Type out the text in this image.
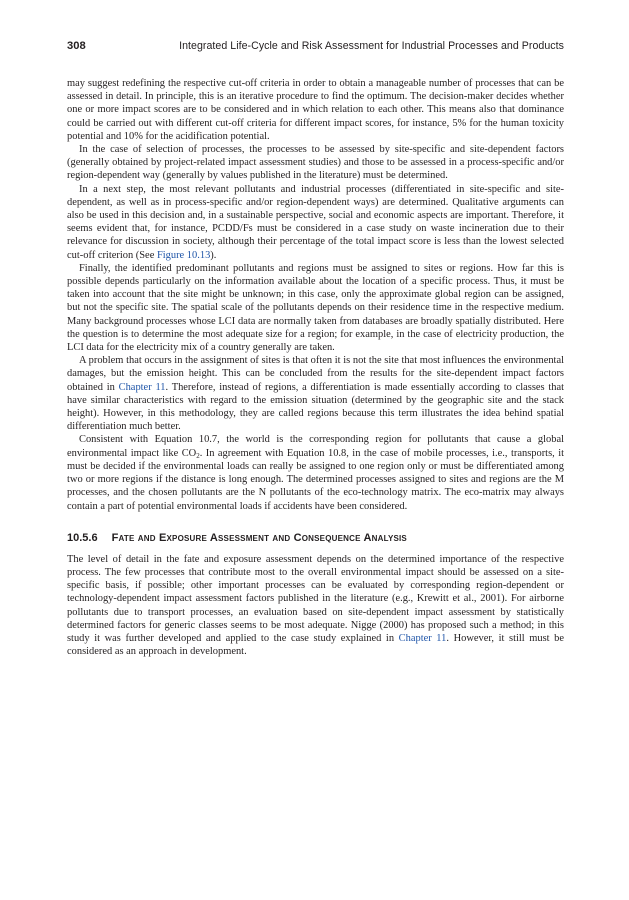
308	Integrated Life-Cycle and Risk Assessment for Industrial Processes and Products

may suggest redefining the respective cut-off criteria in order to obtain a manageable number of processes that can be assessed in detail. In principle, this is an iterative procedure to find the optimum. The decision-maker decides whether one or more impact scores are to be considered and in which relation to each other. This means also that dominance could be carried out with different cut-off criteria for different impact scores, for instance, 5% for the human toxicity potential and 10% for the acidification potential.

In the case of selection of processes, the processes to be assessed by site-specific and site-dependent factors (generally obtained by project-related impact assessment studies) and those to be assessed in a process-specific and/or region-dependent way (generally by values published in the literature) must be determined.

In a next step, the most relevant pollutants and industrial processes (differentiated in site-specific and site-dependent, as well as in process-specific and/or region-dependent ways) are determined. Qualitative arguments can also be used in this decision and, in a sustainable perspective, social and economic aspects are important. Therefore, it seems evident that, for instance, PCDD/Fs must be considered in a case study on waste incineration due to their relevance for discussion in society, although their percentage of the total impact score is less than the lowest selected cut-off criterion (See Figure 10.13).

Finally, the identified predominant pollutants and regions must be assigned to sites or regions. How far this is possible depends particularly on the information available about the location of a specific process. Thus, it must be taken into account that the site might be unknown; in this case, only the approximate global region can be assigned, but not the specific site. The spatial scale of the pollutants depends on their residence time in the respective medium. Many background processes whose LCI data are normally taken from databases are broadly spatially distributed. Here the question is to determine the most adequate size for a region; for example, in the case of electricity production, the LCI data for the electricity mix of a country generally are taken.

A problem that occurs in the assignment of sites is that often it is not the site that most influences the environmental damages, but the emission height. This can be concluded from the results for the site-dependent impact factors obtained in Chapter 11. Therefore, instead of regions, a differentiation is made essentially according to classes that have similar characteristics with regard to the emission situation (determined by the geographic site and the stack height). However, in this methodology, they are called regions because this term illustrates the idea behind spatial differentiation much better.

Consistent with Equation 10.7, the world is the corresponding region for pollutants that cause a global environmental impact like $CO_2$. In agreement with Equation 10.8, in the case of mobile processes, i.e., transports, it must be decided if the environmental loads can really be assigned to one region only or must be differentiated among two or more regions if the distance is long enough. The determined processes assigned to sites and regions are the M processes, and the chosen pollutants are the N pollutants of the eco-technology matrix. The eco-matrix may always contain a part of potential environmental loads if accidents have been considered.

10.5.6 Fate and Exposure Assessment and Consequence Analysis

The level of detail in the fate and exposure assessment depends on the determined importance of the respective process. The few processes that contribute most to the overall environmental impact should be assessed on a site-specific basis, if possible; other important processes can be evaluated by corresponding region-dependent or technology-dependent impact assessment factors published in the literature (e.g., Krewitt et al., 2001). For airborne pollutants due to transport processes, an evaluation based on site-dependent impact assessment by statistically determined factors for generic classes seems to be most adequate. Nigge (2000) has proposed such a method; in this study it was further developed and applied to the case study explained in Chapter 11. However, it still must be considered as an approach in development.
